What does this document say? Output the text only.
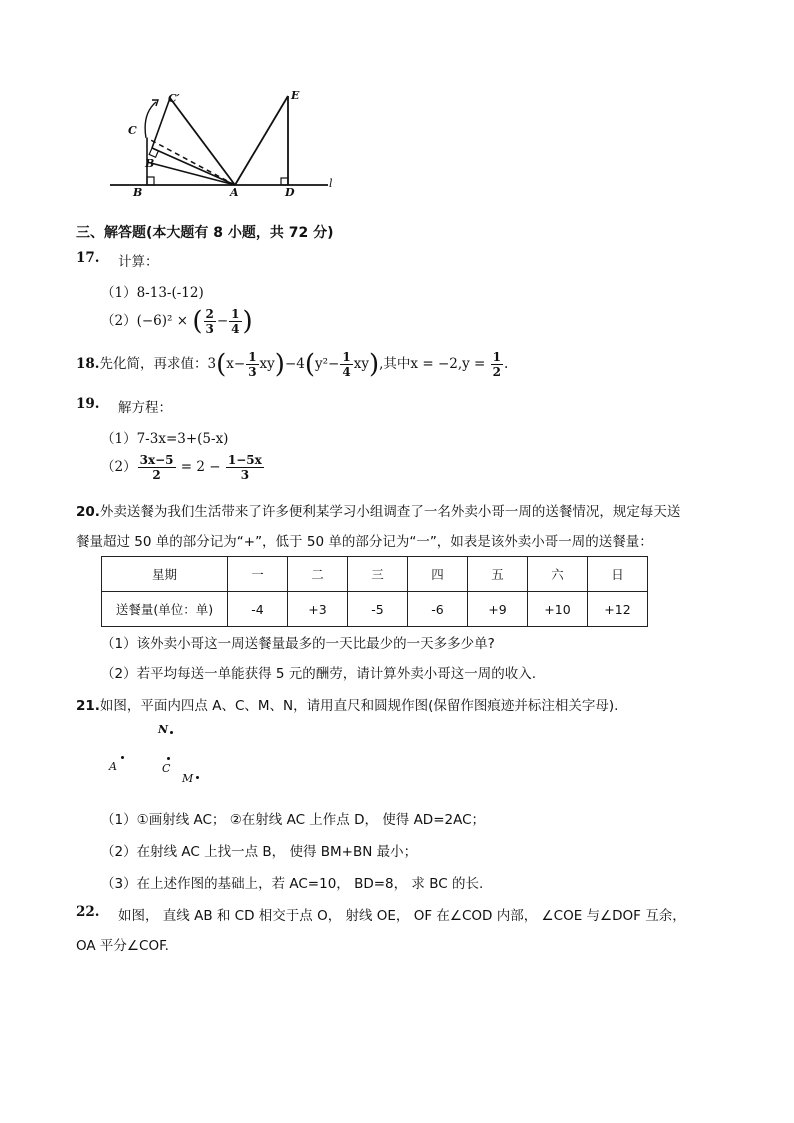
C′	E
C
B
B	A	D
l
三、解答题(本大题有 8 小题，共 72 分)
17. 计算：
（1）8-13-(-12)
（2）(−6)² × ( $\frac{2}{3} - \frac{1}{4}$ )
18.先化简，再求值：$3(x- \frac{1}{3} xy)-4(y^2- \frac{1}{4} xy)$,其中$x = -2,y = \frac{1}{2}$ .
19. 解方程：
（1）7-3x=3+(5-x)
$(2) \frac{3x-5}{2} = 2 - \frac{1-5x}{3}$
20.外卖送餐为我们生活带来了许多便利某学习小组调查了一名外卖小哥一周的送餐情况，规定每天送
餐量超过 50 单的部分记为“+”，低于 50 单的部分记为“一”，如表是该外卖小哥一周的送餐量：
星期	一	二	三	四	五	六	日
送餐量(单位：单)	-4	+3	-5	-6	+9	+10	+12
（1）该外卖小哥这一周送餐量最多的一天比最少的一天多多少单?
（2）若平均每送一单能获得 5 元的酬劳，请计算外卖小哥这一周的收入.
21.如图，平面内四点 A、C、M、N，请用直尺和圆规作图(保留作图痕迹并标注相关字母).
N
A	C
M
（1）①画射线 AC； ②在射线 AC 上作点 D， 使得 AD=2AC；
（2）在射线 AC 上找一点 B， 使得 BM+BN 最小；
（3）在上述作图的基础上，若 AC=10， BD=8， 求 BC 的长.
22. 如图， 直线 AB 和 CD 相交于点 O， 射线 OE， OF 在∠COD 内部， ∠COE 与∠DOF 互余，
OA 平分∠COF.
